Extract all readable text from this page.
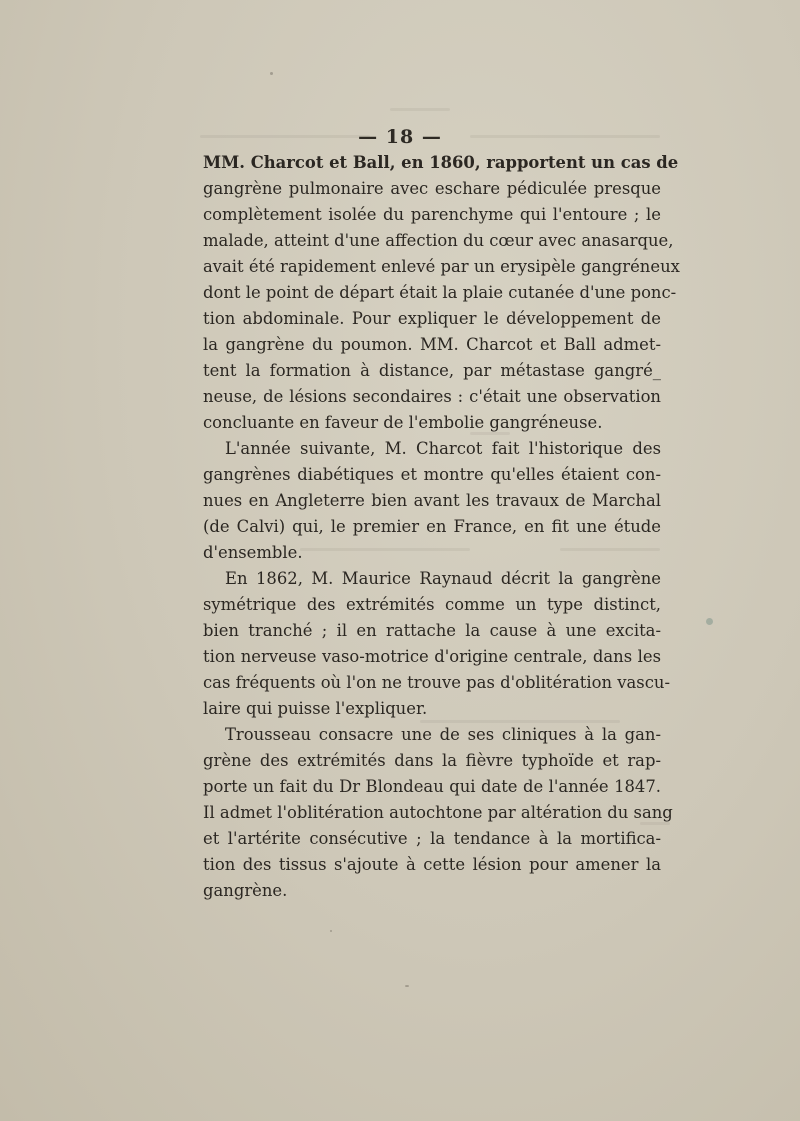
— 18 —
MM. Charcot et Ball, en 1860, rapportent un cas de
gangrène pulmonaire avec eschare pédiculée presque
complètement isolée du parenchyme qui l'entoure ; le
malade, atteint d'une affection du cœur avec anasarque,
avait été rapidement enlevé par un erysipèle gangréneux
dont le point de départ était la plaie cutanée d'une ponc-
tion abdominale. Pour expliquer le développement de
la gangrène du poumon. MM. Charcot et Ball admet-
tent la formation à distance, par métastase gangré_
neuse, de lésions secondaires : c'était une observation
concluante en faveur de l'embolie gangréneuse.
L'année suivante, M. Charcot fait l'historique des
gangrènes diabétiques et montre qu'elles étaient con-
nues en Angleterre bien avant les travaux de Marchal
(de Calvi) qui, le premier en France, en fit une étude
d'ensemble.
En 1862, M. Maurice Raynaud décrit la gangrène
symétrique des extrémités comme un type distinct,
bien tranché ; il en rattache la cause à une excita-
tion nerveuse vaso-motrice d'origine centrale, dans les
cas fréquents où l'on ne trouve pas d'oblitération vascu-
laire qui puisse l'expliquer.
Trousseau consacre une de ses cliniques à la gan-
grène des extrémités dans la fièvre typhoïde et rap-
porte un fait du Dr Blondeau qui date de l'année 1847.
Il admet l'oblitération autochtone par altération du sang
et l'artérite consécutive ; la tendance à la mortifica-
tion des tissus s'ajoute à cette lésion pour amener la
gangrène.
